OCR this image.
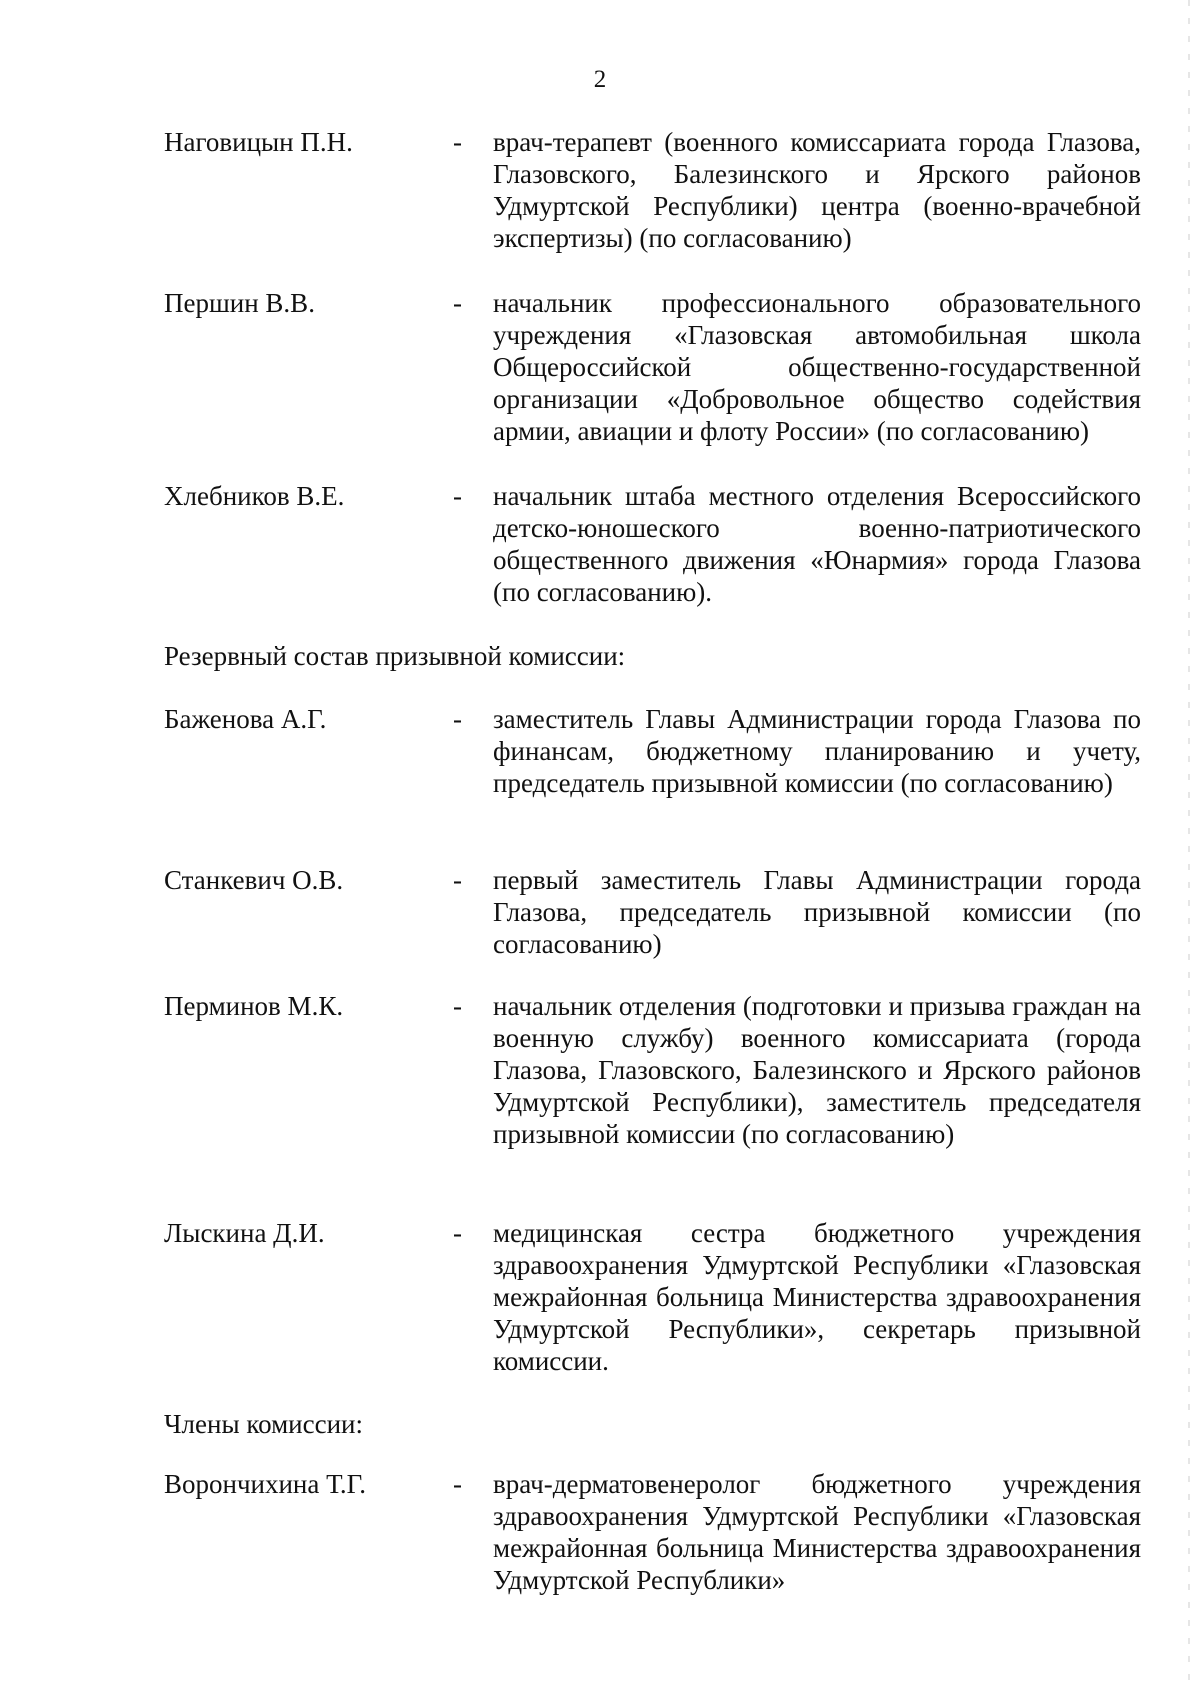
2
Наговицын П.Н.	- врач-терапевт (военного комиссариата города Глазова, Глазовского, Балезинского и Ярского районов Удмуртской Республики) центра (военно-врачебной экспертизы) (по согласованию)
Першин В.В.	- начальник профессионального образовательного учреждения «Глазовская автомобильная школа Общероссийской общественно-государственной организации «Добровольное общество содействия армии, авиации и флоту России» (по согласованию)
Хлебников В.Е.	- начальник штаба местного отделения Всероссийского детско-юношеского военно-патриотического общественного движения «Юнармия» города Глазова (по согласованию).
Резервный состав призывной комиссии:
Баженова А.Г.	- заместитель Главы Администрации города Глазова по финансам, бюджетному планированию и учету, председатель призывной комиссии (по согласованию)
Станкевич О.В.	- первый заместитель Главы Администрации города Глазова, председатель призывной комиссии (по согласованию)
Перминов М.К.	- начальник отделения (подготовки и призыва граждан на военную службу) военного комиссариата (города Глазова, Глазовского, Балезинского и Ярского районов Удмуртской Республики), заместитель председателя призывной комиссии (по согласованию)
Лыскина Д.И.	- медицинская сестра бюджетного учреждения здравоохранения Удмуртской Республики «Глазовская межрайонная больница Министерства здравоохранения Удмуртской Республики», секретарь призывной комиссии.
Члены комиссии:
Ворончихина Т.Г.	- врач-дерматовенеролог бюджетного учреждения здравоохранения Удмуртской Республики «Глазовская межрайонная больница Министерства здравоохранения Удмуртской Республики»
